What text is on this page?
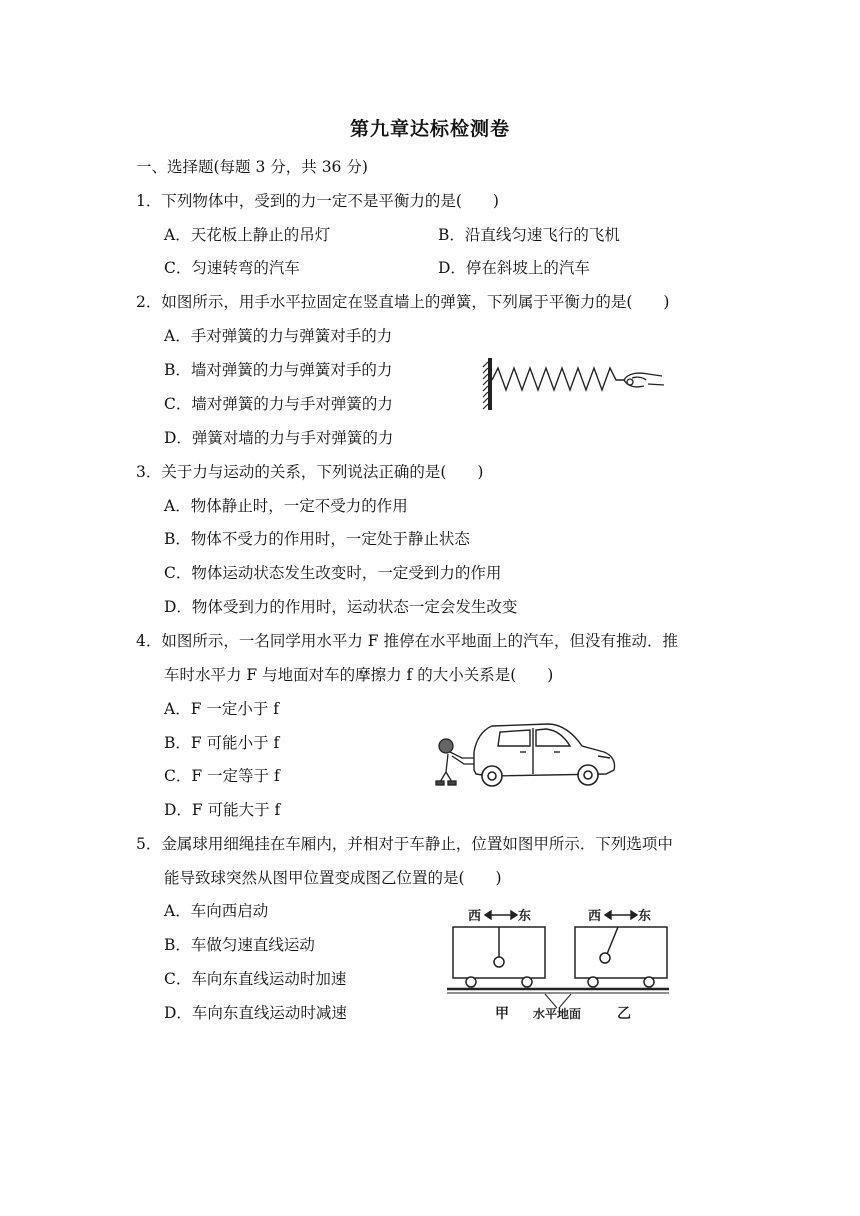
第九章达标检测卷
一、选择题(每题 3 分，共 36 分)
1．下列物体中，受到的力一定不是平衡力的是(　　)
A．天花板上静止的吊灯	B．沿直线匀速飞行的飞机
C．匀速转弯的汽车	D．停在斜坡上的汽车
2．如图所示，用手水平拉固定在竖直墙上的弹簧，下列属于平衡力的是(　　)
A．手对弹簧的力与弹簧对手的力
B．墙对弹簧的力与弹簧对手的力
C．墙对弹簧的力与手对弹簧的力
D．弹簧对墙的力与手对弹簧的力
3．关于力与运动的关系，下列说法正确的是(　　)
A．物体静止时，一定不受力的作用
B．物体不受力的作用时，一定处于静止状态
C．物体运动状态发生改变时，一定受到力的作用
D．物体受到力的作用时，运动状态一定会发生改变
4．如图所示，一名同学用水平力 F 推停在水平地面上的汽车，但没有推动．推
车时水平力 F 与地面对车的摩擦力 f 的大小关系是(　　)
A．F 一定小于 f
B．F 可能小于 f
C．F 一定等于 f
D．F 可能大于 f
5．金属球用细绳挂在车厢内，并相对于车静止，位置如图甲所示．下列选项中
能导致球突然从图甲位置变成图乙位置的是(　　)
A．车向西启动
B．车做匀速直线运动
C．车向东直线运动时加速
D．车向东直线运动时减速
西	东	西	东
甲 水平地面	乙
